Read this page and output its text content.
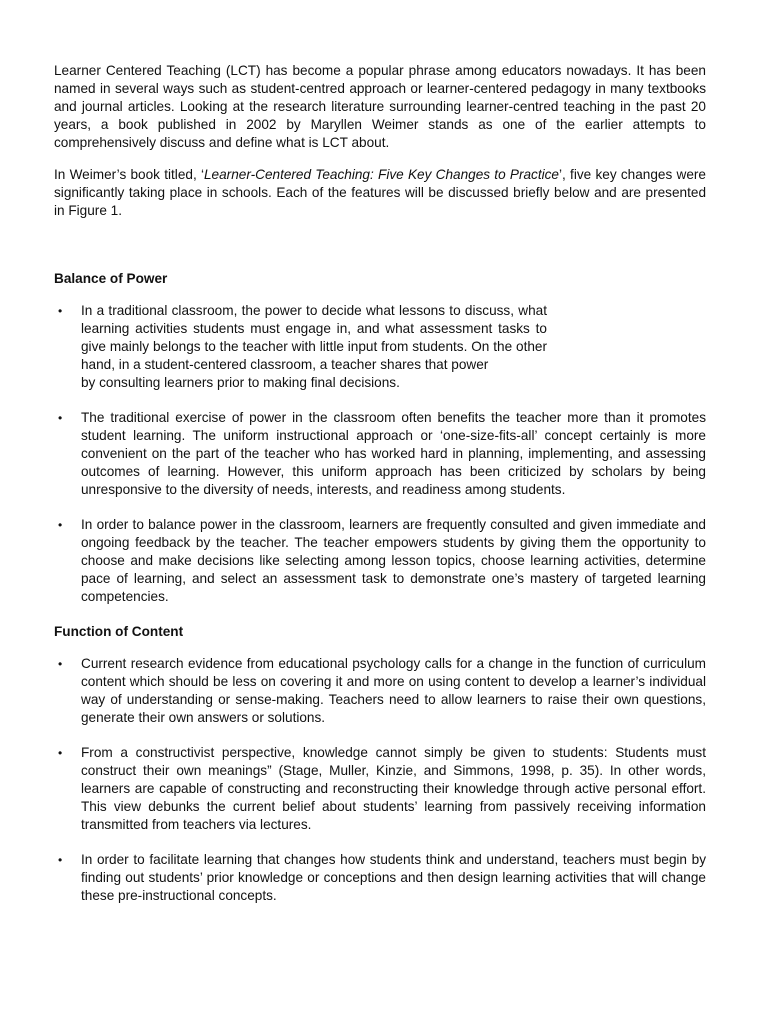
Learner Centered Teaching (LCT) has become a popular phrase among educators nowadays. It has been named in several ways such as student-centred approach or learner-centered pedagogy in many textbooks and journal articles. Looking at the research literature surrounding learner-centred teaching in the past 20 years, a book published in 2002 by Maryllen Weimer stands as one of the earlier attempts to comprehensively discuss and define what is LCT about.

In Weimer’s book titled, ‘Learner-Centered Teaching: Five Key Changes to Practice’, five key changes were significantly taking place in schools. Each of the features will be discussed briefly below and are presented in Figure 1.

Balance of Power
• In a traditional classroom, the power to decide what lessons to discuss, what learning activities students must engage in, and what assessment tasks to give mainly belongs to the teacher with little input from students. On the other hand, in a student-centered classroom, a teacher shares that power
by consulting learners prior to making final decisions.
• The traditional exercise of power in the classroom often benefits the teacher more than it promotes student learning. The uniform instructional approach or ‘one-size-fits-all’ concept certainly is more convenient on the part of the teacher who has worked hard in planning, implementing, and assessing outcomes of learning. However, this uniform approach has been criticized by scholars by being unresponsive to the diversity of needs, interests, and readiness among students.
• In order to balance power in the classroom, learners are frequently consulted and given immediate and ongoing feedback by the teacher. The teacher empowers students by giving them the opportunity to choose and make decisions like selecting among lesson topics, choose learning activities, determine pace of learning, and select an assessment task to demonstrate one’s mastery of targeted learning competencies.
Function of Content
• Current research evidence from educational psychology calls for a change in the function of curriculum content which should be less on covering it and more on using content to develop a learner’s individual way of understanding or sense-making. Teachers need to allow learners to raise their own questions, generate their own answers or solutions.
• From a constructivist perspective, knowledge cannot simply be given to students: Students must construct their own meanings” (Stage, Muller, Kinzie, and Simmons, 1998, p. 35). In other words, learners are capable of constructing and reconstructing their knowledge through active personal effort. This view debunks the current belief about students’ learning from passively receiving information transmitted from teachers via lectures.
• In order to facilitate learning that changes how students think and understand, teachers must begin by finding out students’ prior knowledge or conceptions and then design learning activities that will change these pre-instructional concepts.
